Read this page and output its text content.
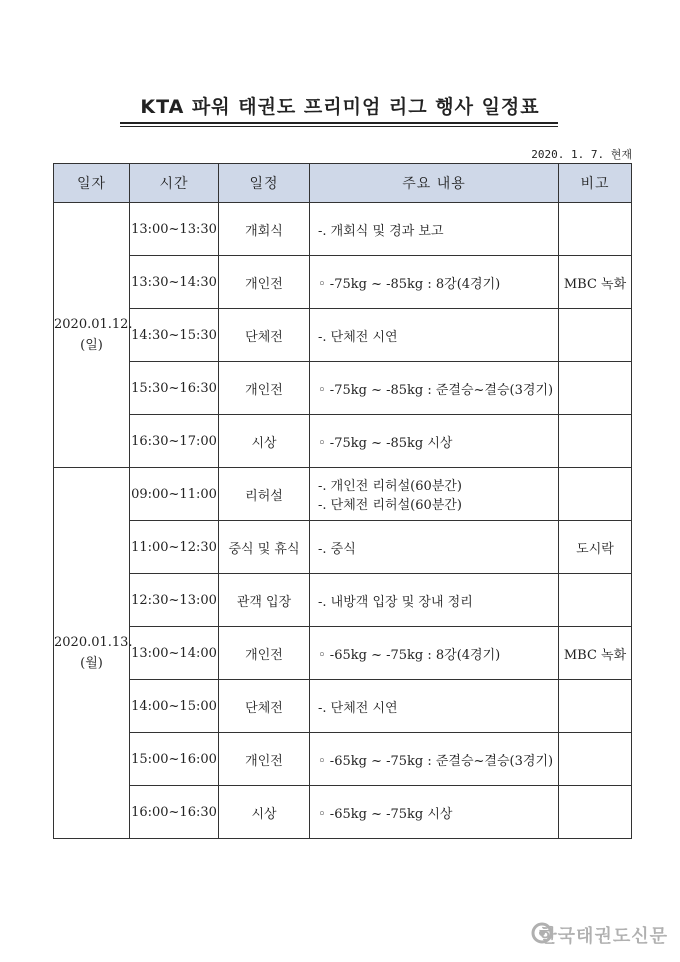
KTA 파워 태권도 프리미엄 리그 행사 일정표
2020. 1. 7. 현재
일자	시간	일정	주요 내용	비고

2020.01.12.
(일)	13:00~13:30	개회식	-. 개회식 및 경과 보고	

	13:30~14:30	개인전	◦ -75kg ~ -85kg : 8강(4경기)	MBC 녹화
	14:30~15:30	단체전	-. 단체전 시연	

	15:30~16:30	개인전	◦ -75kg ~ -85kg : 준결승~결승(3경기)	

	16:30~17:00	시상	◦ -75kg ~ -85kg 시상	

2020.01.13.
(월)	09:00~11:00	리허설	-. 개인전 리허설(60분간)
-. 단체전 리허설(60분간)	

	11:00~12:30	중식 및 휴식	-. 중식	도시락
	12:30~13:00	관객 입장	-. 내방객 입장 및 장내 정리	

	13:00~14:00	개인전	◦ -65kg ~ -75kg : 8강(4경기)	MBC 녹화
	14:00~15:00	단체전	-. 단체전 시연	

	15:00~16:00	개인전	◦ -65kg ~ -75kg : 준결승~결승(3경기)	

	16:00~16:30	시상	◦ -65kg ~ -75kg 시상	

한국태권도신문
